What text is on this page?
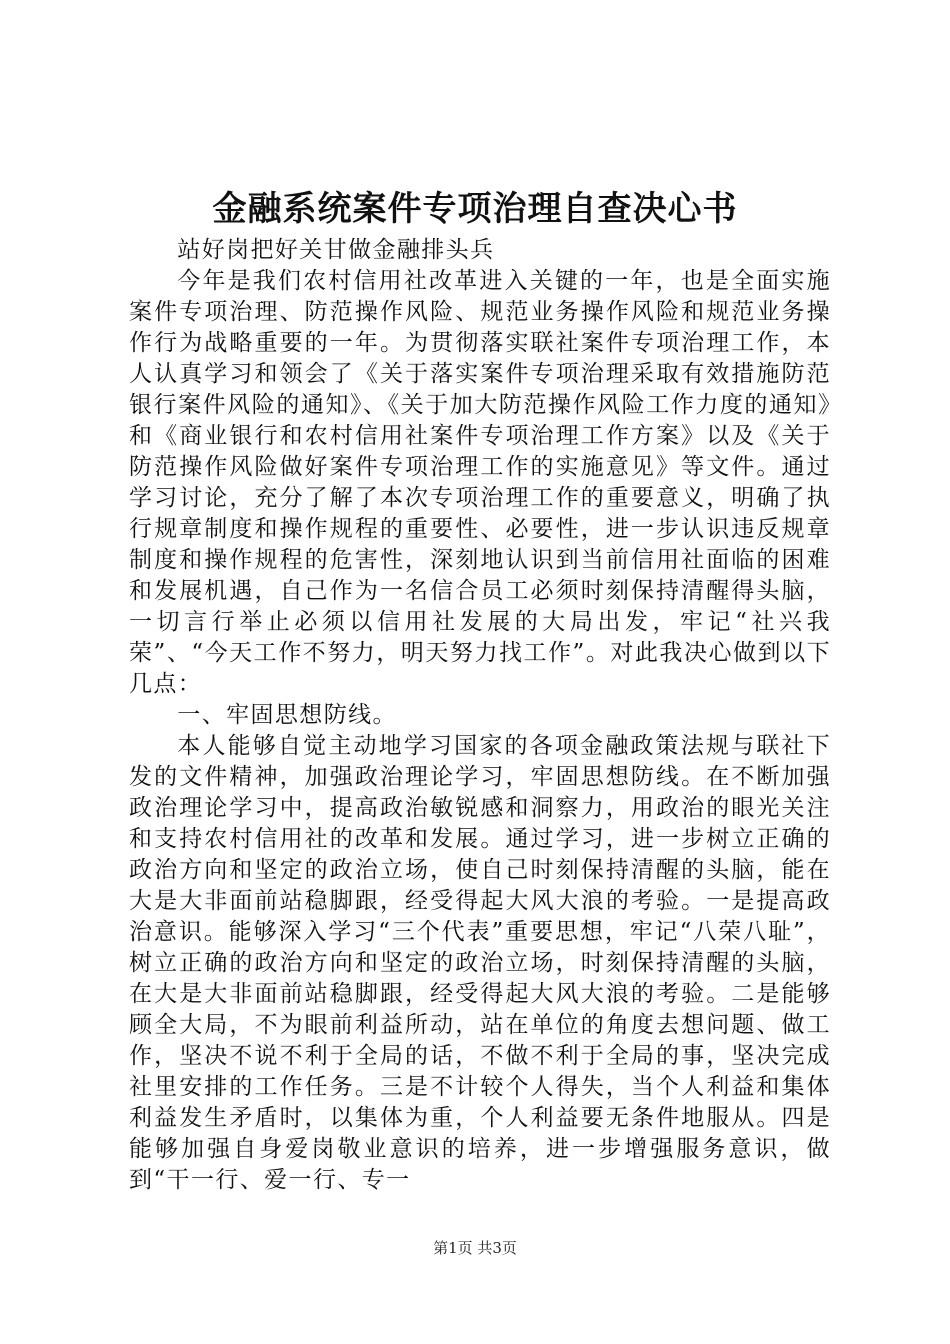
金融系统案件专项治理自查决心书

站好岗把好关甘做金融排头兵

今年是我们农村信用社改革进入关键的一年，也是全面实施案件专项治理、防范操作风险、规范业务操作风险和规范业务操作行为战略重要的一年。为贯彻落实联社案件专项治理工作，本人认真学习和领会了《关于落实案件专项治理采取有效措施防范银行案件风险的通知》、《关于加大防范操作风险工作力度的通知》和《商业银行和农村信用社案件专项治理工作方案》以及《关于防范操作风险做好案件专项治理工作的实施意见》等文件。通过学习讨论，充分了解了本次专项治理工作的重要意义，明确了执行规章制度和操作规程的重要性、必要性，进一步认识违反规章制度和操作规程的危害性，深刻地认识到当前信用社面临的困难和发展机遇，自己作为一名信合员工必须时刻保持清醒得头脑，一切言行举止必须以信用社发展的大局出发，牢记“社兴我荣”、“今天工作不努力，明天努力找工作”。对此我决心做到以下几点：

一、牢固思想防线。

本人能够自觉主动地学习国家的各项金融政策法规与联社下发的文件精神，加强政治理论学习，牢固思想防线。在不断加强政治理论学习中，提高政治敏锐感和洞察力，用政治的眼光关注和支持农村信用社的改革和发展。通过学习，进一步树立正确的政治方向和坚定的政治立场，使自己时刻保持清醒的头脑，能在大是大非面前站稳脚跟，经受得起大风大浪的考验。一是提高政治意识。能够深入学习“三个代表”重要思想，牢记“八荣八耻”，树立正确的政治方向和坚定的政治立场，时刻保持清醒的头脑，在大是大非面前站稳脚跟，经受得起大风大浪的考验。二是能够顾全大局，不为眼前利益所动，站在单位的角度去想问题、做工作，坚决不说不利于全局的话，不做不利于全局的事，坚决完成社里安排的工作任务。三是不计较个人得失，当个人利益和集体利益发生矛盾时，以集体为重，个人利益要无条件地服从。四是能够加强自身爱岗敬业意识的培养，进一步增强服务意识，做到“干一行、爱一行、专一

第1页 共3页
